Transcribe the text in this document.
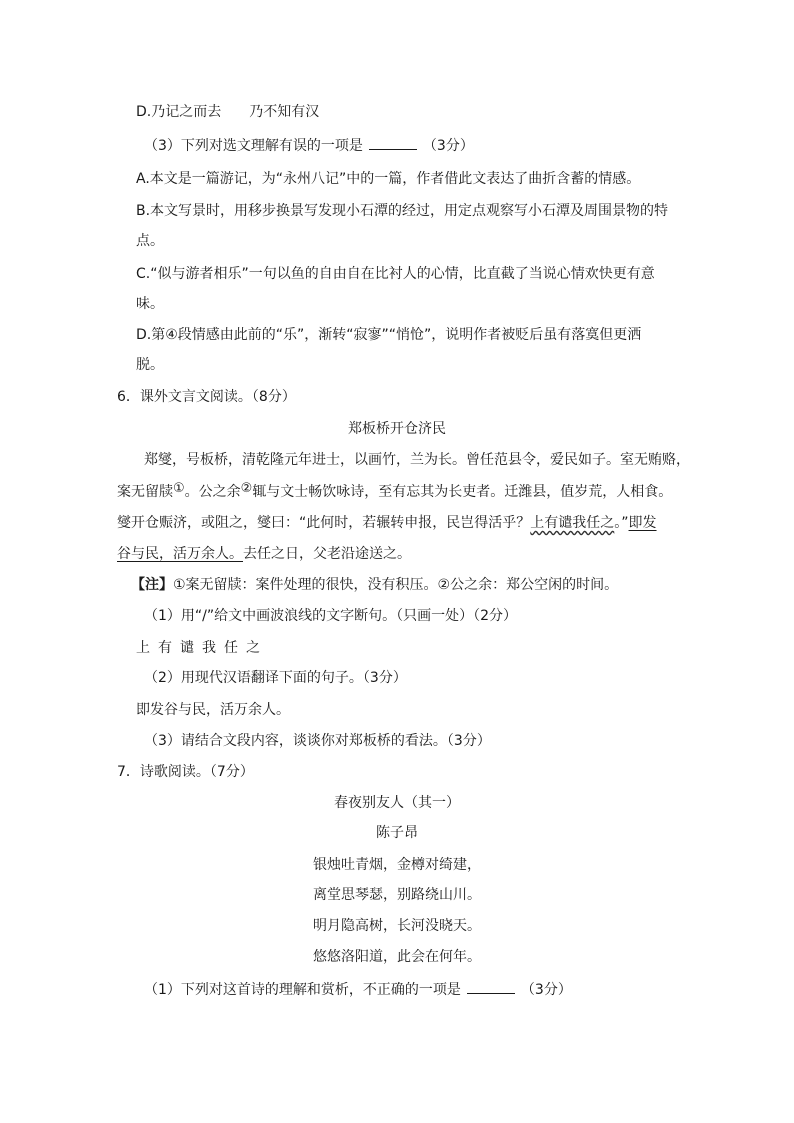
D.乃记之而去　　乃不知有汉
（3）下列对选文理解有误的一项是	（3分）
A.本文是一篇游记，为“永州八记”中的一篇，作者借此文表达了曲折含蓄的情感。
B.本文写景时，用移步换景写发现小石潭的经过，用定点观察写小石潭及周围景物的特
点。
C.“似与游者相乐”一句以鱼的自由自在比衬人的心情，比直截了当说心情欢快更有意
味。
D.第④段情感由此前的“乐”，渐转“寂寥”“悄怆”，说明作者被贬后虽有落寞但更洒
脱。
6．课外文言文阅读。（8分）
郑板桥开仓济民
郑燮，号板桥，清乾隆元年进士，以画竹，兰为长。曾任范县令，爱民如子。室无贿赂，
案无留牍①。公之余②辄与文士畅饮咏诗，至有忘其为长吏者。迁潍县，值岁荒，人相食。
燮开仓赈济，或阻之，燮曰：“此何时，若辗转申报，民岂得活乎？上有谴我任之。”即发
谷与民，活万余人。去任之日，父老沿途送之。
【注】①案无留牍：案件处理的很快，没有积压。②公之余：郑公空闲的时间。
（1）用“/”给文中画波浪线的文字断句。（只画一处）（2分）
上有谴我任之
（2）用现代汉语翻译下面的句子。（3分）
即发谷与民，活万余人。
（3）请结合文段内容，谈谈你对郑板桥的看法。（3分）
7．诗歌阅读。（7分）
春夜别友人（其一）
陈子昂
银烛吐青烟，金樽对绮建，
离堂思琴瑟，别路绕山川。
明月隐高树，长河没晓天。
悠悠洛阳道，此会在何年。
（1）下列对这首诗的理解和赏析，不正确的一项是	（3分）
